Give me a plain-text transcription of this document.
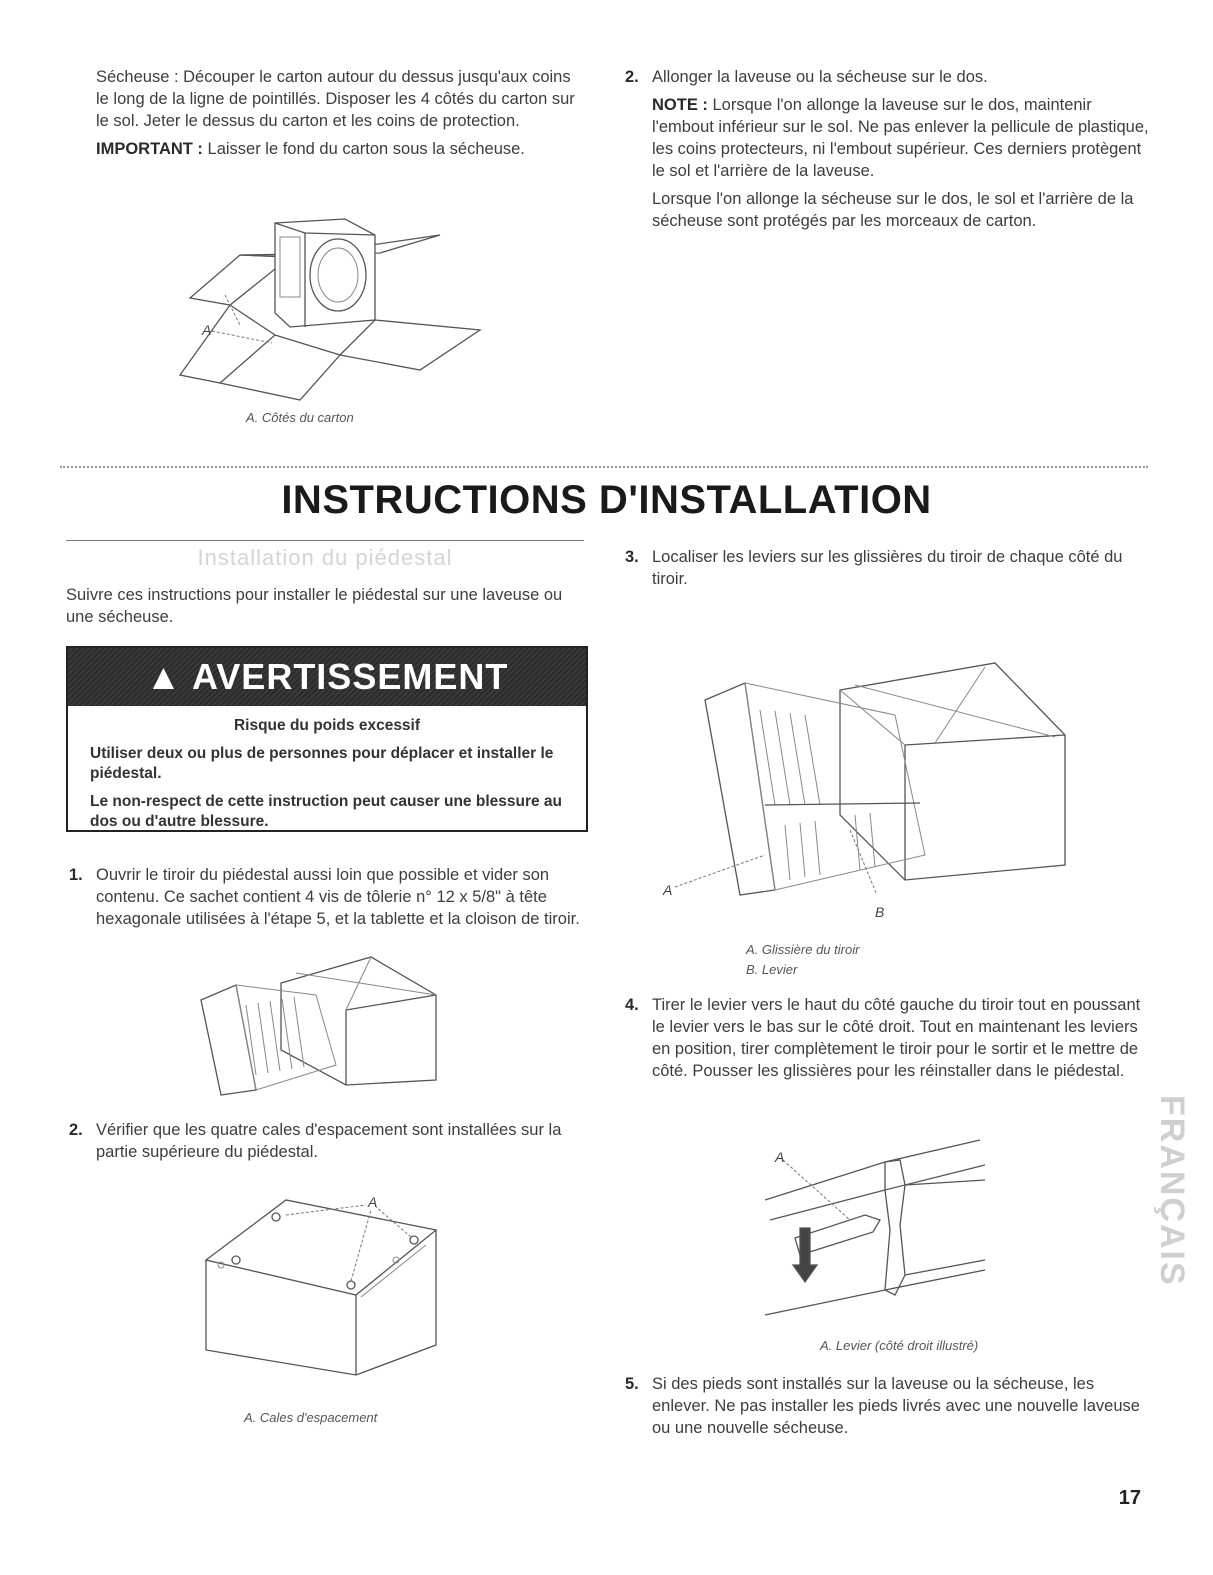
Sécheuse : Découper le carton autour du dessus jusqu'aux coins le long de la ligne de pointillés. Disposer les 4 côtés du carton sur le sol. Jeter le dessus du carton et les coins de protection.

IMPORTANT : Laisser le fond du carton sous la sécheuse.

A
A. Côtés du carton
2. Allonger la laveuse ou la sécheuse sur le dos.

NOTE : Lorsque l'on allonge la laveuse sur le dos, maintenir l'embout inférieur sur le sol. Ne pas enlever la pellicule de plastique, les coins protecteurs, ni l'embout supérieur. Ces derniers protègent le sol et l'arrière de la laveuse.

Lorsque l'on allonge la sécheuse sur le dos, le sol et l'arrière de la sécheuse sont protégés par les morceaux de carton.

INSTRUCTIONS D'INSTALLATION
Installation du piédestal
Suivre ces instructions pour installer le piédestal sur une laveuse ou une sécheuse.
▲ AVERTISSEMENT

Risque du poids excessif

Utiliser deux ou plus de personnes pour déplacer et installer le piédestal.

Le non-respect de cette instruction peut causer une blessure au dos ou d'autre blessure.

1. Ouvrir le tiroir du piédestal aussi loin que possible et vider son contenu. Ce sachet contient 4 vis de tôlerie n° 12 x 5/8" à tête hexagonale utilisées à l'étape 5, et la tablette et la cloison de tiroir.

2. Vérifier que les quatre cales d'espacement sont installées sur la partie supérieure du piédestal.

A
A. Cales d'espacement
3. Localiser les leviers sur les glissières du tiroir de chaque côté du tiroir.

A
B
A. Glissière du tiroir
B. Levier
4. Tirer le levier vers le haut du côté gauche du tiroir tout en poussant le levier vers le bas sur le côté droit. Tout en maintenant les leviers en position, tirer complètement le tiroir pour le sortir et le mettre de côté. Pousser les glissières pour les réinstaller dans le piédestal.

A
A. Levier (côté droit illustré)
5. Si des pieds sont installés sur la laveuse ou la sécheuse, les enlever. Ne pas installer les pieds livrés avec une nouvelle laveuse ou une nouvelle sécheuse.

FRANÇAIS
17
